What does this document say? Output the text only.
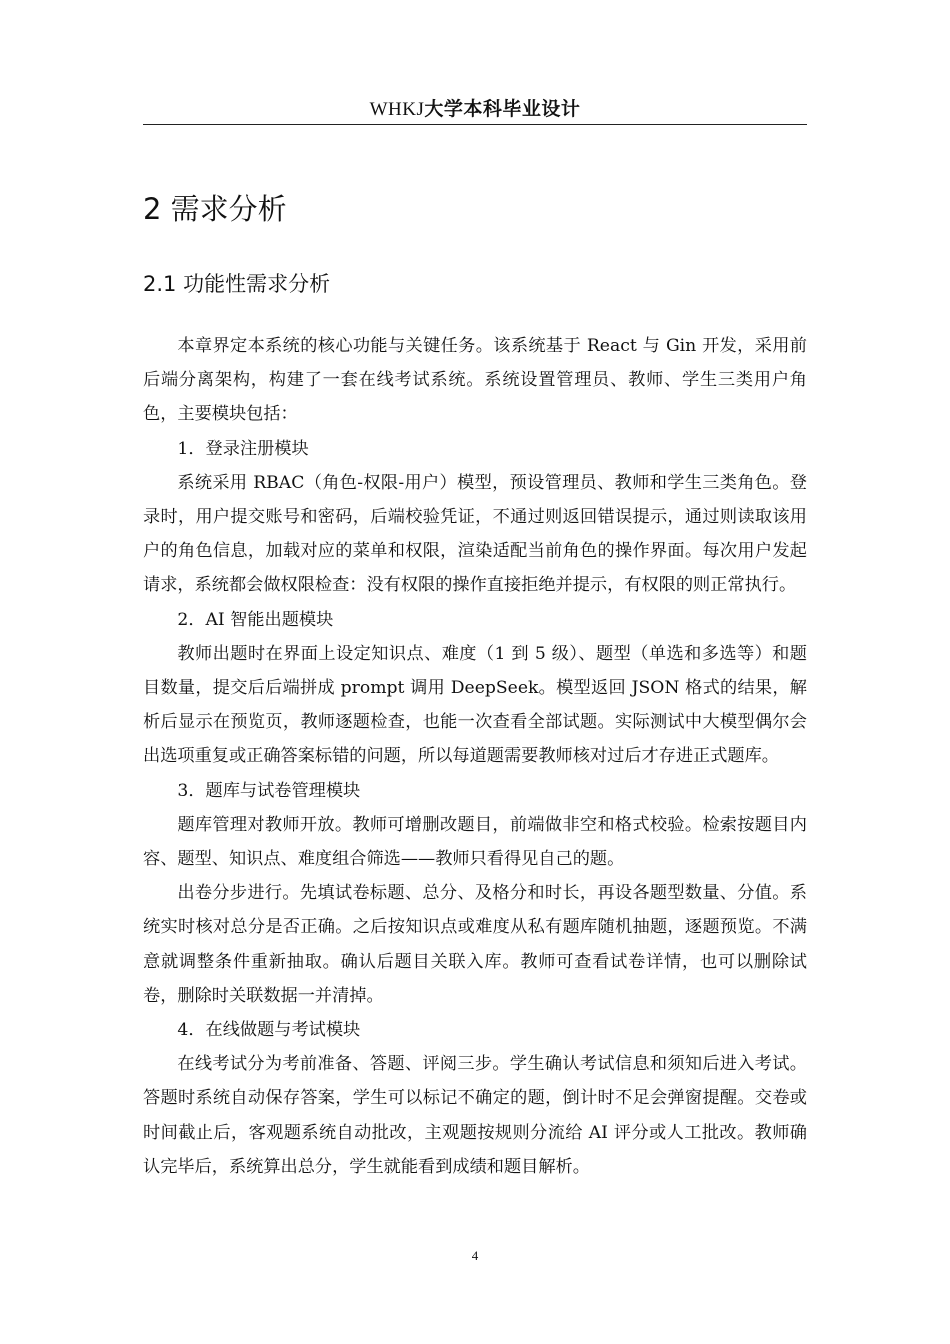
WHKJ大学本科毕业设计
2 需求分析
2.1 功能性需求分析

本章界定本系统的核心功能与关键任务。该系统基于 React 与 Gin 开发，采用前后端分离架构，构建了一套在线考试系统。系统设置管理员、教师、学生三类用户角色，主要模块包括：

1．登录注册模块

系统采用 RBAC（角色-权限-用户）模型，预设管理员、教师和学生三类角色。登录时，用户提交账号和密码，后端校验凭证，不通过则返回错误提示，通过则读取该用户的角色信息，加载对应的菜单和权限，渲染适配当前角色的操作界面。每次用户发起请求，系统都会做权限检查：没有权限的操作直接拒绝并提示，有权限的则正常执行。

2．AI 智能出题模块

教师出题时在界面上设定知识点、难度（1 到 5 级）、题型（单选和多选等）和题目数量，提交后后端拼成 prompt 调用 DeepSeek。模型返回 JSON 格式的结果，解析后显示在预览页，教师逐题检查，也能一次查看全部试题。实际测试中大模型偶尔会出选项重复或正确答案标错的问题，所以每道题需要教师核对过后才存进正式题库。

3．题库与试卷管理模块

题库管理对教师开放。教师可增删改题目，前端做非空和格式校验。检索按题目内容、题型、知识点、难度组合筛选——教师只看得见自己的题。

出卷分步进行。先填试卷标题、总分、及格分和时长，再设各题型数量、分值。系统实时核对总分是否正确。之后按知识点或难度从私有题库随机抽题，逐题预览。不满意就调整条件重新抽取。确认后题目关联入库。教师可查看试卷详情，也可以删除试卷，删除时关联数据一并清掉。

4．在线做题与考试模块

在线考试分为考前准备、答题、评阅三步。学生确认考试信息和须知后进入考试。答题时系统自动保存答案，学生可以标记不确定的题，倒计时不足会弹窗提醒。交卷或时间截止后，客观题系统自动批改，主观题按规则分流给 AI 评分或人工批改。教师确认完毕后，系统算出总分，学生就能看到成绩和题目解析。

4
